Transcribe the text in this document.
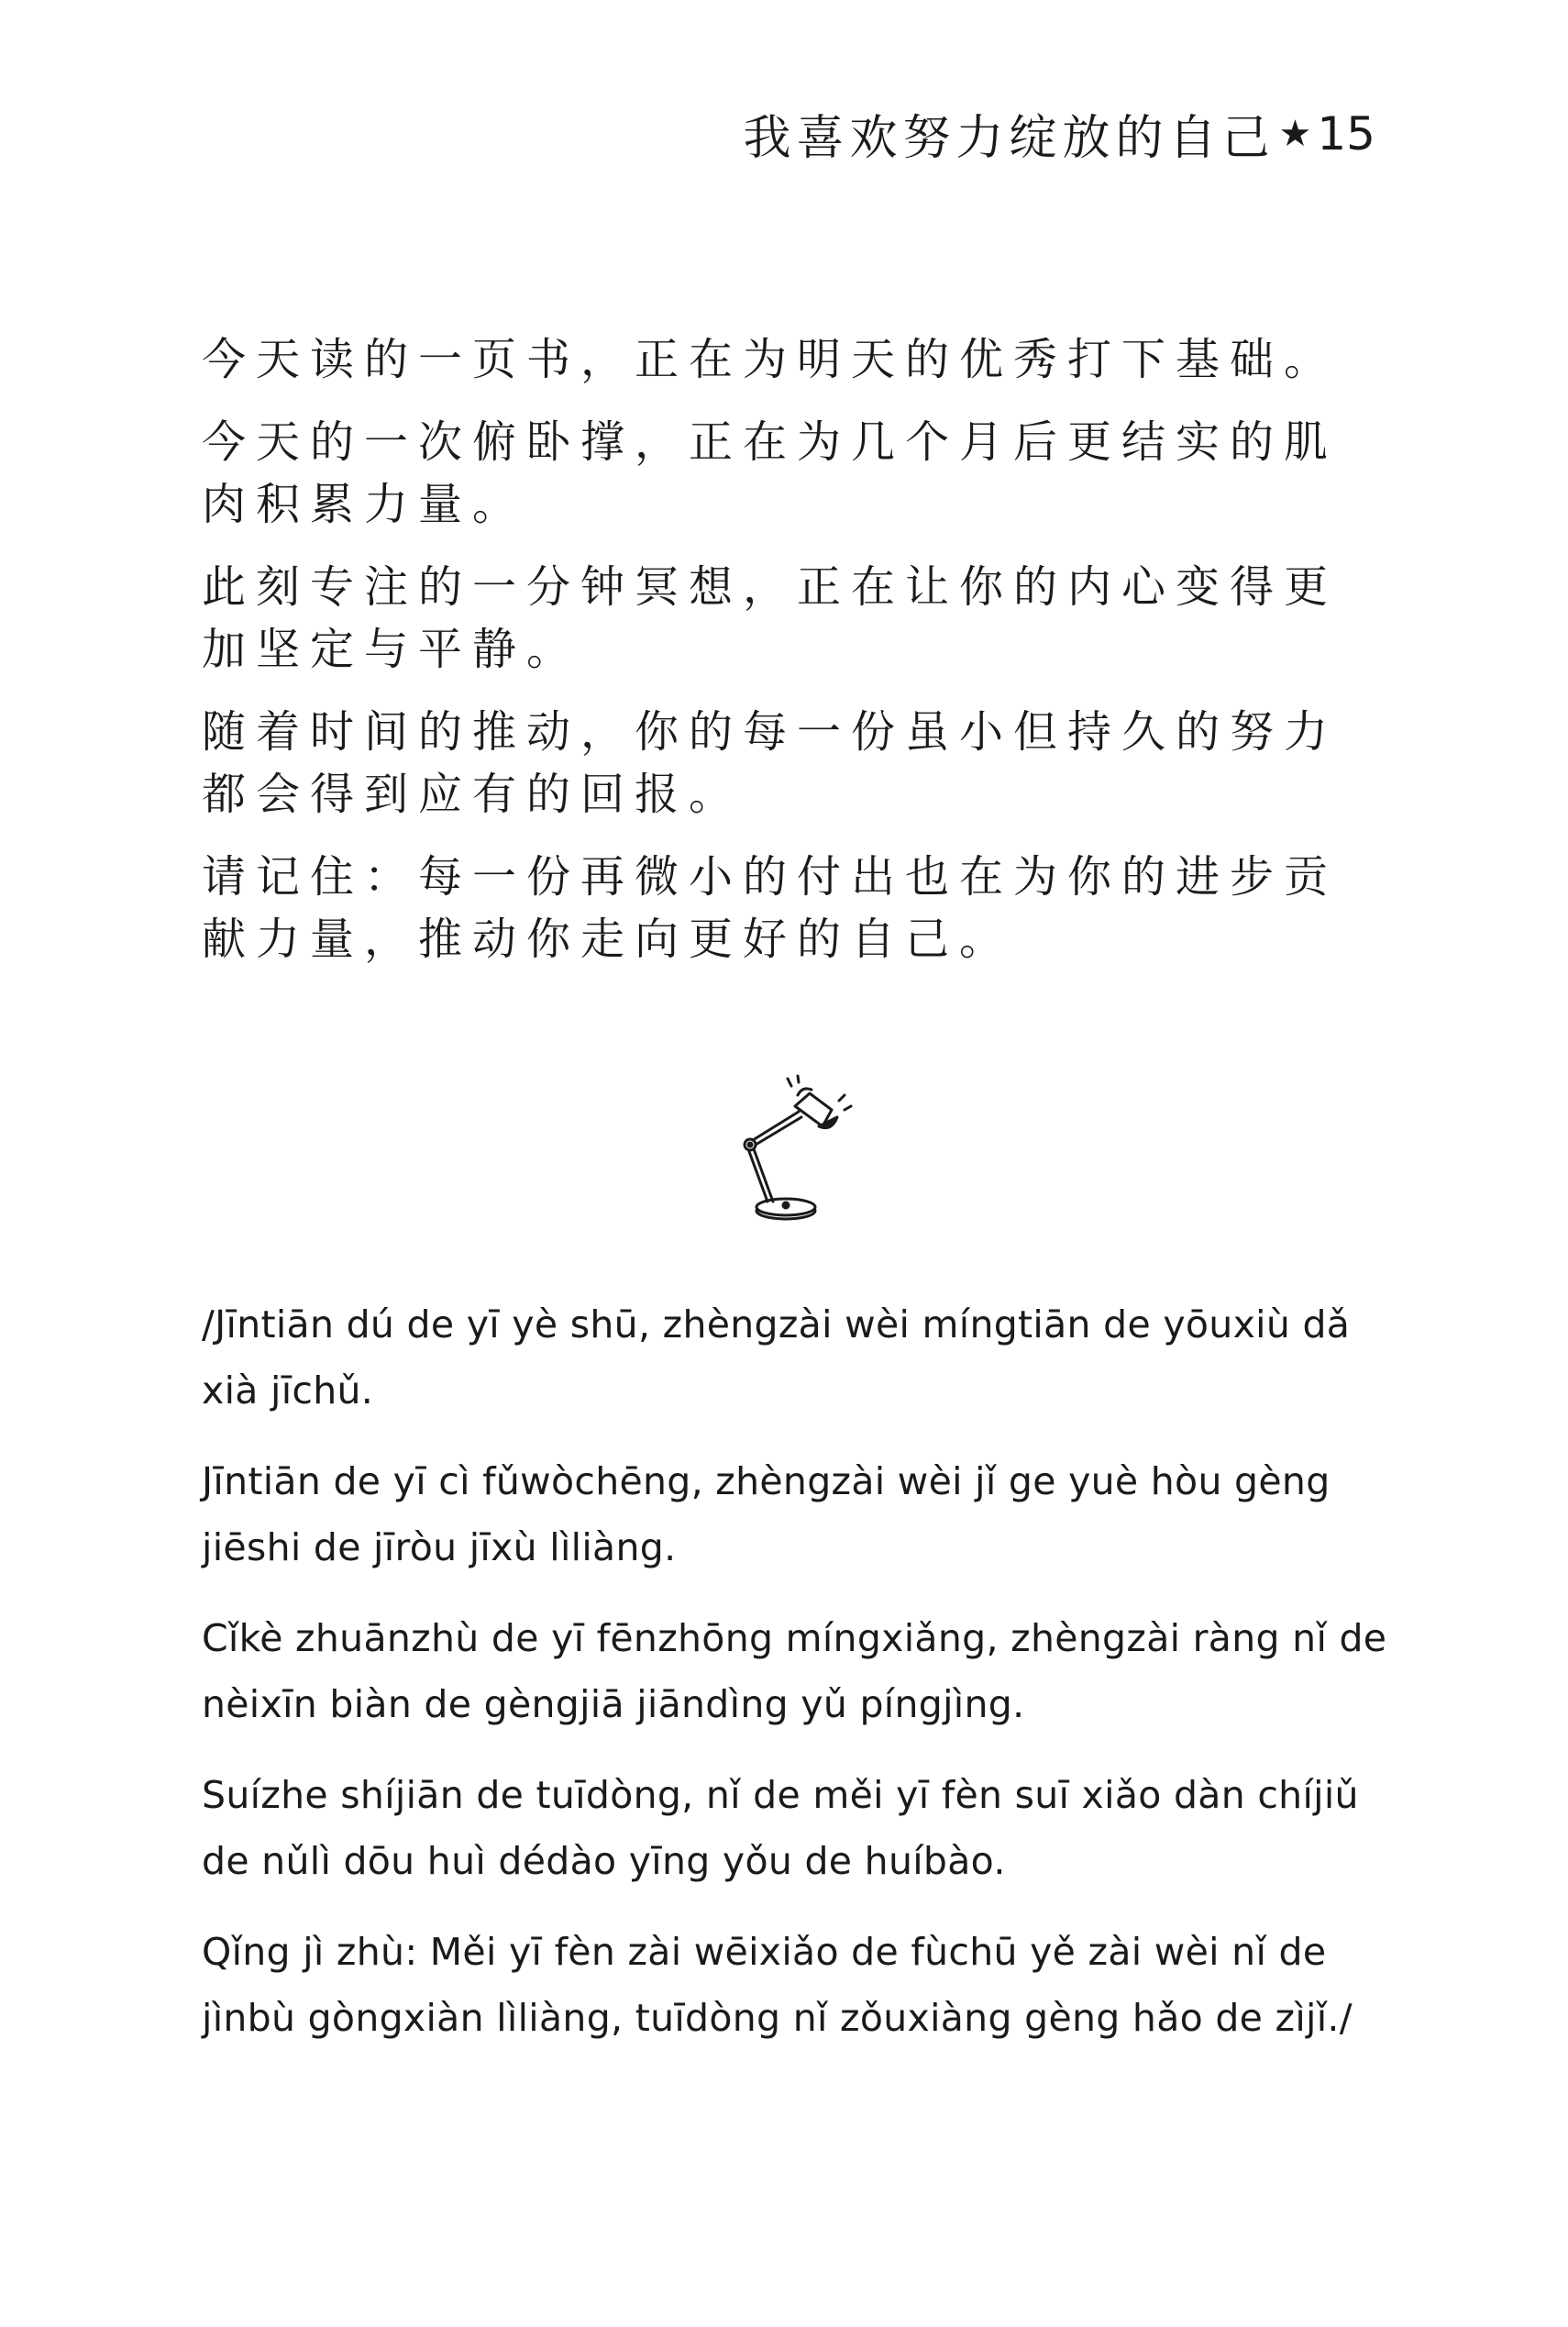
我喜欢努力绽放的自己 ★ 15

今天读的一页书，正在为明天的优秀打下基础。

今天的一次俯卧撑，正在为几个月后更结实的肌肉积累力量。

此刻专注的一分钟冥想，正在让你的内心变得更加坚定与平静。

随着时间的推动，你的每一份虽小但持久的努力都会得到应有的回报。

请记住：每一份再微小的付出也在为你的进步贡献力量，推动你走向更好的自己。

/Jīntiān dú de yī yè shū, zhèngzài wèi míngtiān de yōuxiù dǎ xià jīchǔ.

Jīntiān de yī cì fǔwòchēng, zhèngzài wèi jǐ ge yuè hòu gèng jiēshi de jīròu jīxù lìliàng.

Cǐkè zhuānzhù de yī fēnzhōng míngxiǎng, zhèngzài ràng nǐ de nèixīn biàn de gèngjiā jiāndìng yǔ píngjìng.

Suízhe shíjiān de tuīdòng, nǐ de měi yī fèn suī xiǎo dàn chíjiǔ de nǔlì dōu huì dédào yīng yǒu de huíbào.

Qǐng jì zhù: Měi yī fèn zài wēixiǎo de fùchū yě zài wèi nǐ de jìnbù gòngxiàn lìliàng, tuīdòng nǐ zǒuxiàng gèng hǎo de zìjǐ./
